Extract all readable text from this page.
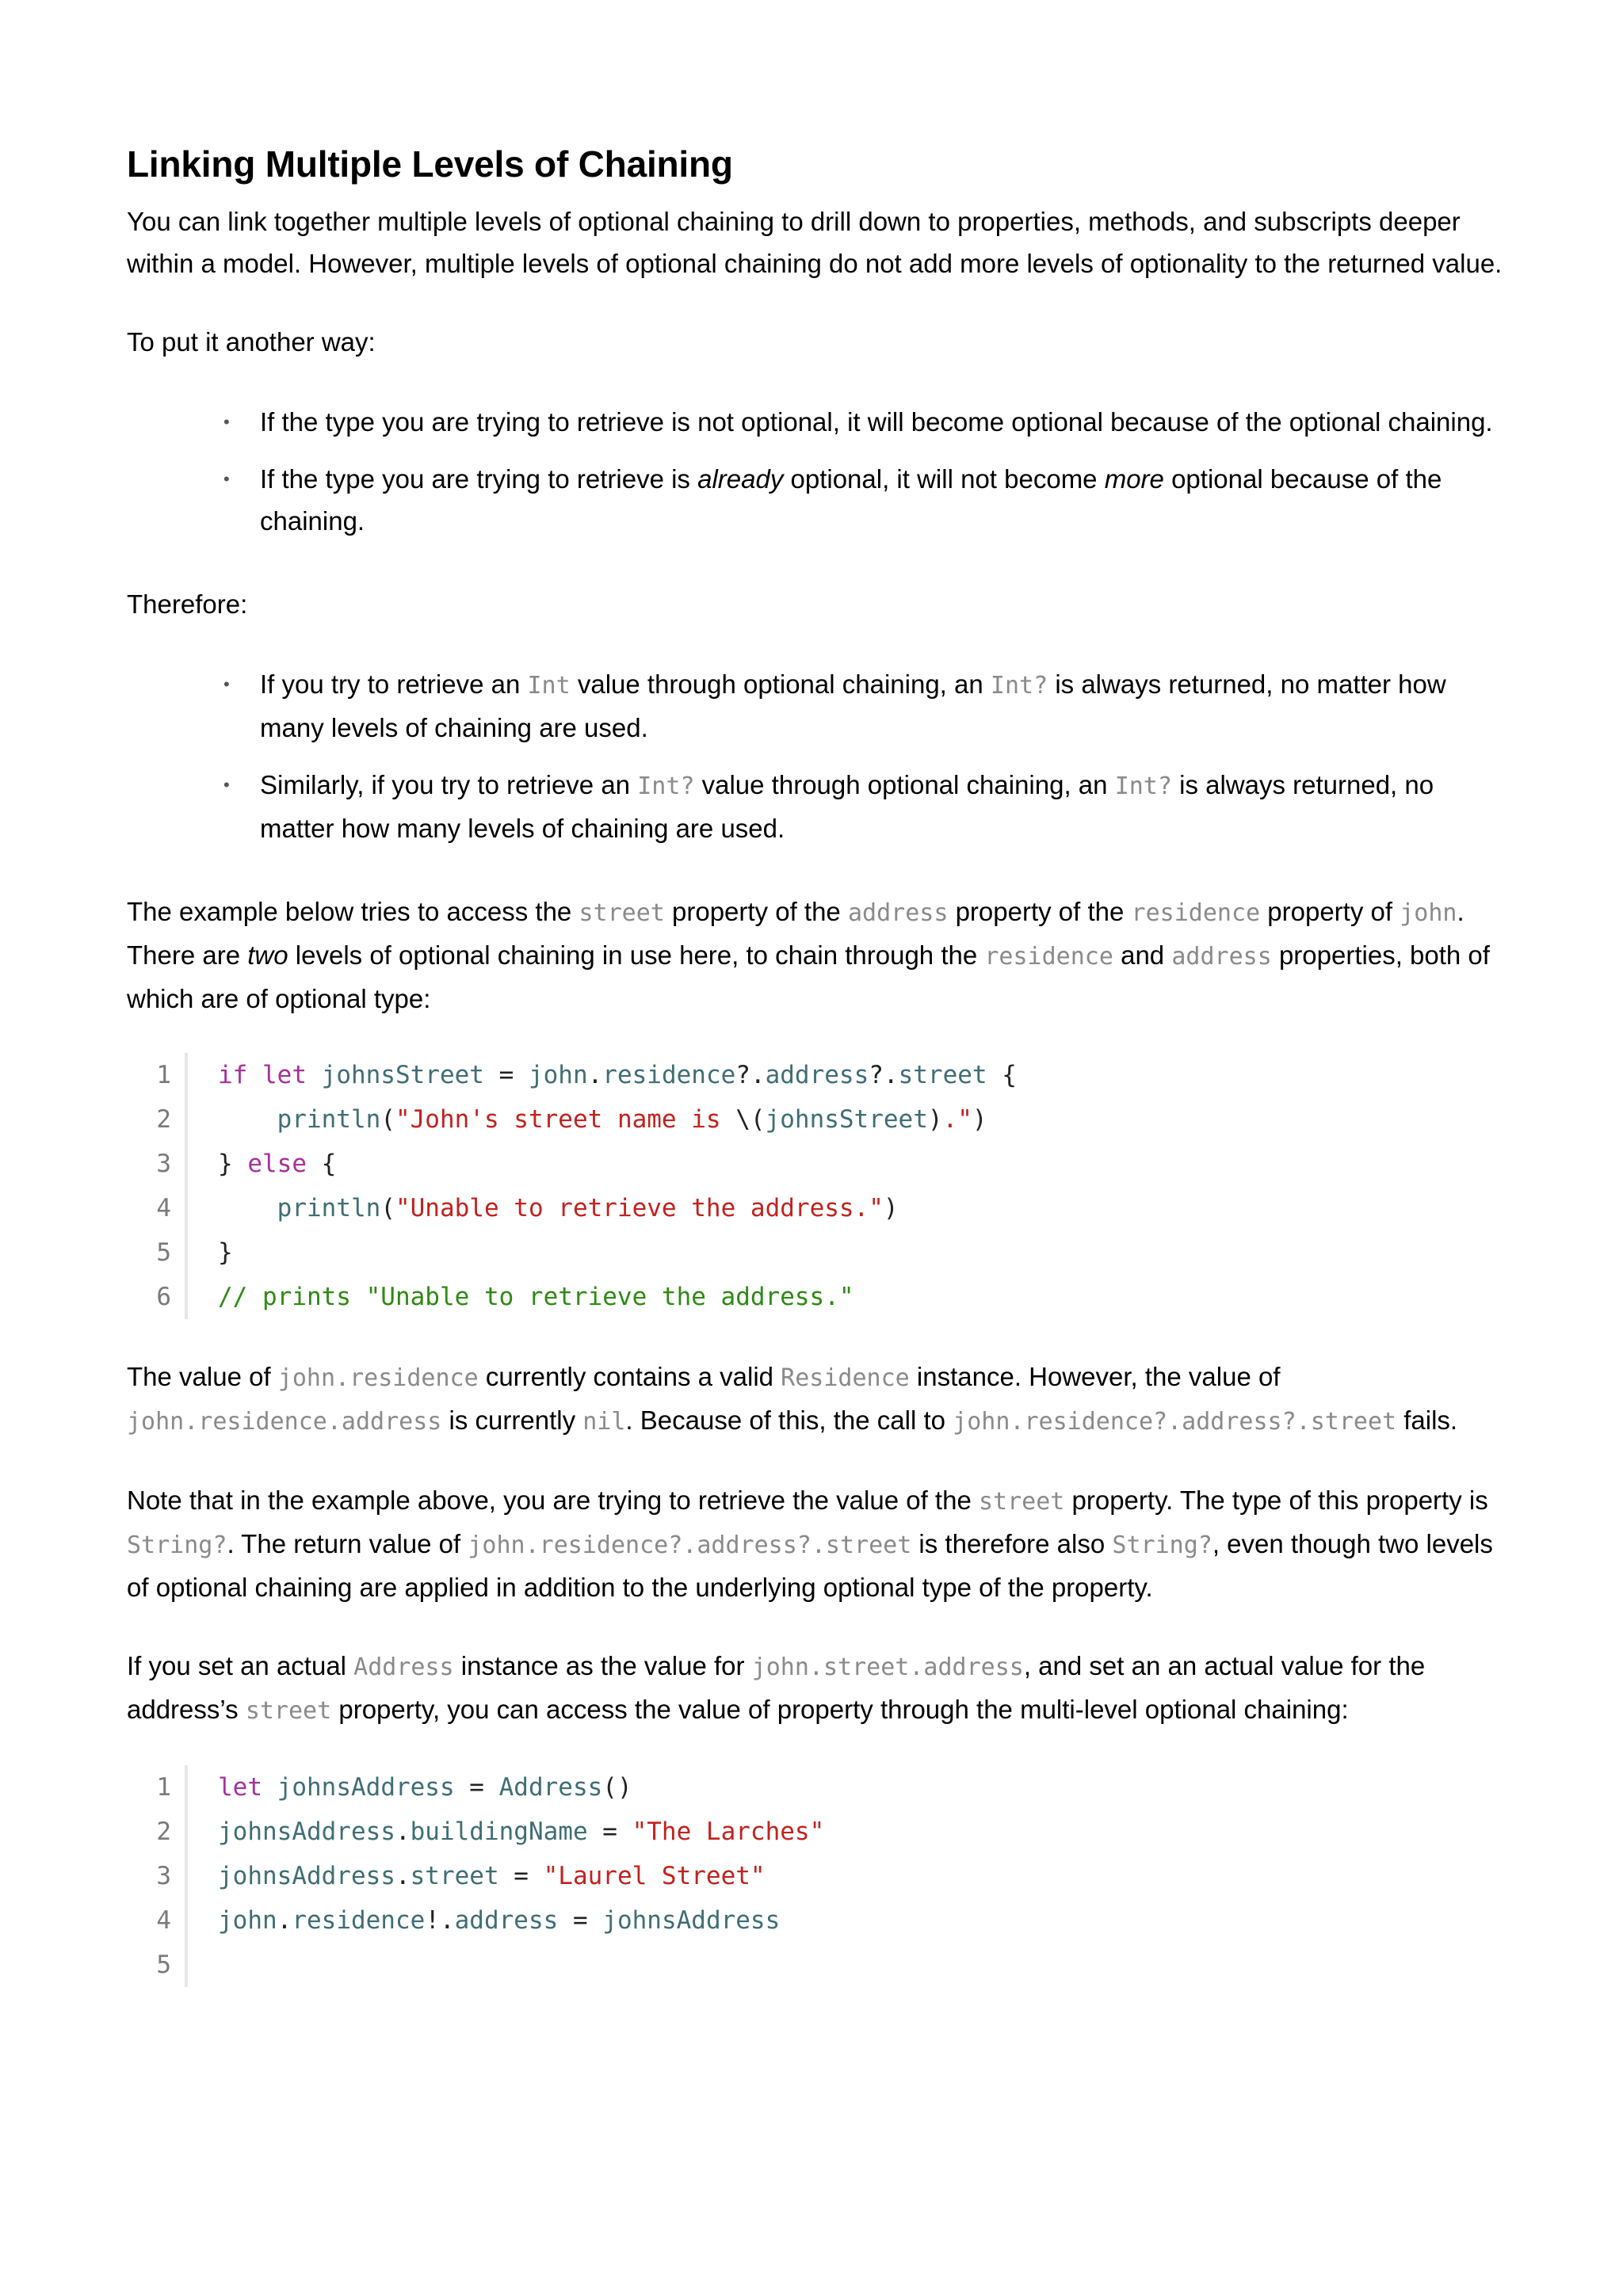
Linking Multiple Levels of Chaining

You can link together multiple levels of optional chaining to drill down to properties, methods, and subscripts deeper within a model. However, multiple levels of optional chaining do not add more levels of optionality to the returned value.

To put it another way:

• If the type you are trying to retrieve is not optional, it will become optional because of the optional chaining.
• If the type you are trying to retrieve is already optional, it will not become more optional because of the chaining.

Therefore:

• If you try to retrieve an Int value through optional chaining, an Int? is always returned, no matter how many levels of chaining are used.
• Similarly, if you try to retrieve an Int? value through optional chaining, an Int? is always returned, no matter how many levels of chaining are used.

The example below tries to access the street property of the address property of the residence property of john. There are two levels of optional chaining in use here, to chain through the residence and address properties, both of which are of optional type:

1	if let johnsStreet = john.residence?.address?.street {
2	println("John's street name is \(johnsStreet).")
3	} else {
4	println("Unable to retrieve the address.")
5	}
6	// prints "Unable to retrieve the address."

The value of john.residence currently contains a valid Residence instance. However, the value of john.residence.address is currently nil. Because of this, the call to john.residence?.address?.street fails.

Note that in the example above, you are trying to retrieve the value of the street property. The type of this property is String?. The return value of john.residence?.address?.street is therefore also String?, even though two levels of optional chaining are applied in addition to the underlying optional type of the property.

If you set an actual Address instance as the value for john.street.address, and set an an actual value for the address’s street property, you can access the value of property through the multi-level optional chaining:

1	let johnsAddress = Address()
2	johnsAddress.buildingName = "The Larches"
3	johnsAddress.street = "Laurel Street"
4	john.residence!.address = johnsAddress
5
